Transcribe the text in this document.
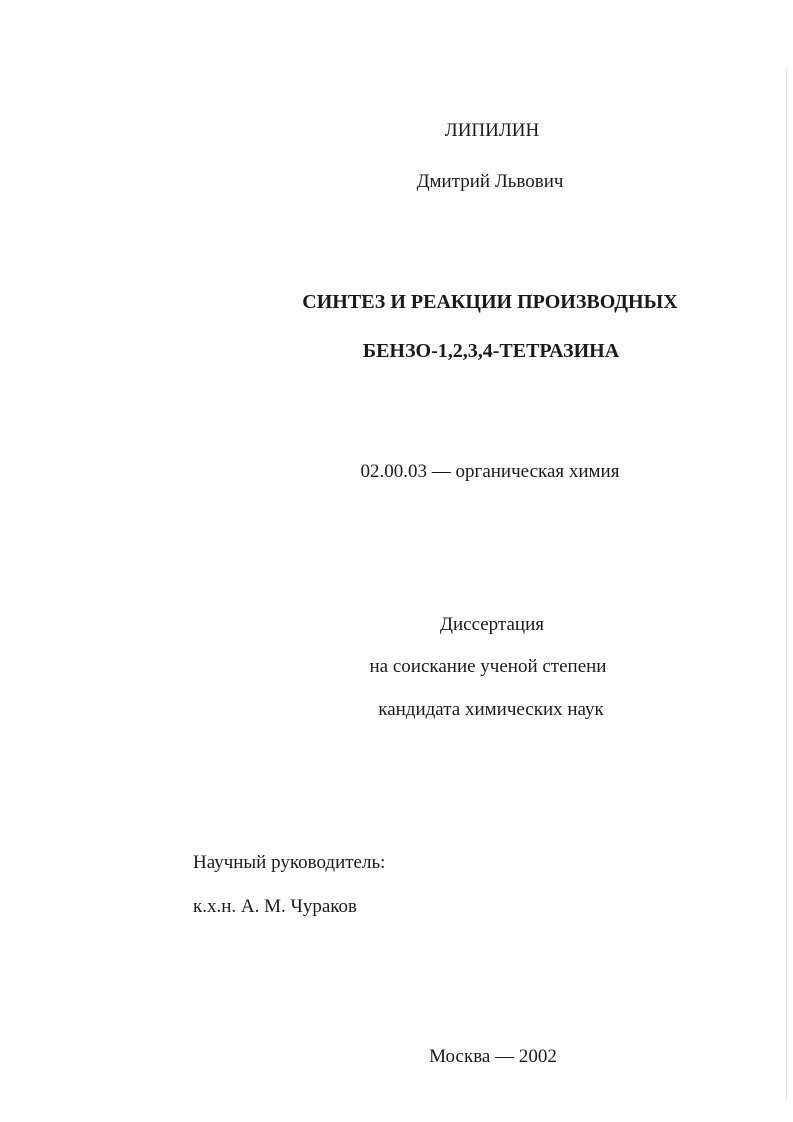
ЛИПИЛИН
Дмитрий Львович
СИНТЕЗ И РЕАКЦИИ ПРОИЗВОДНЫХ
БЕНЗО-1,2,3,4-ТЕТРАЗИНА
02.00.03 — органическая химия
Диссертация
на соискание ученой степени
кандидата химических наук
Научный руководитель:
к.х.н. А. М. Чураков
Москва — 2002
